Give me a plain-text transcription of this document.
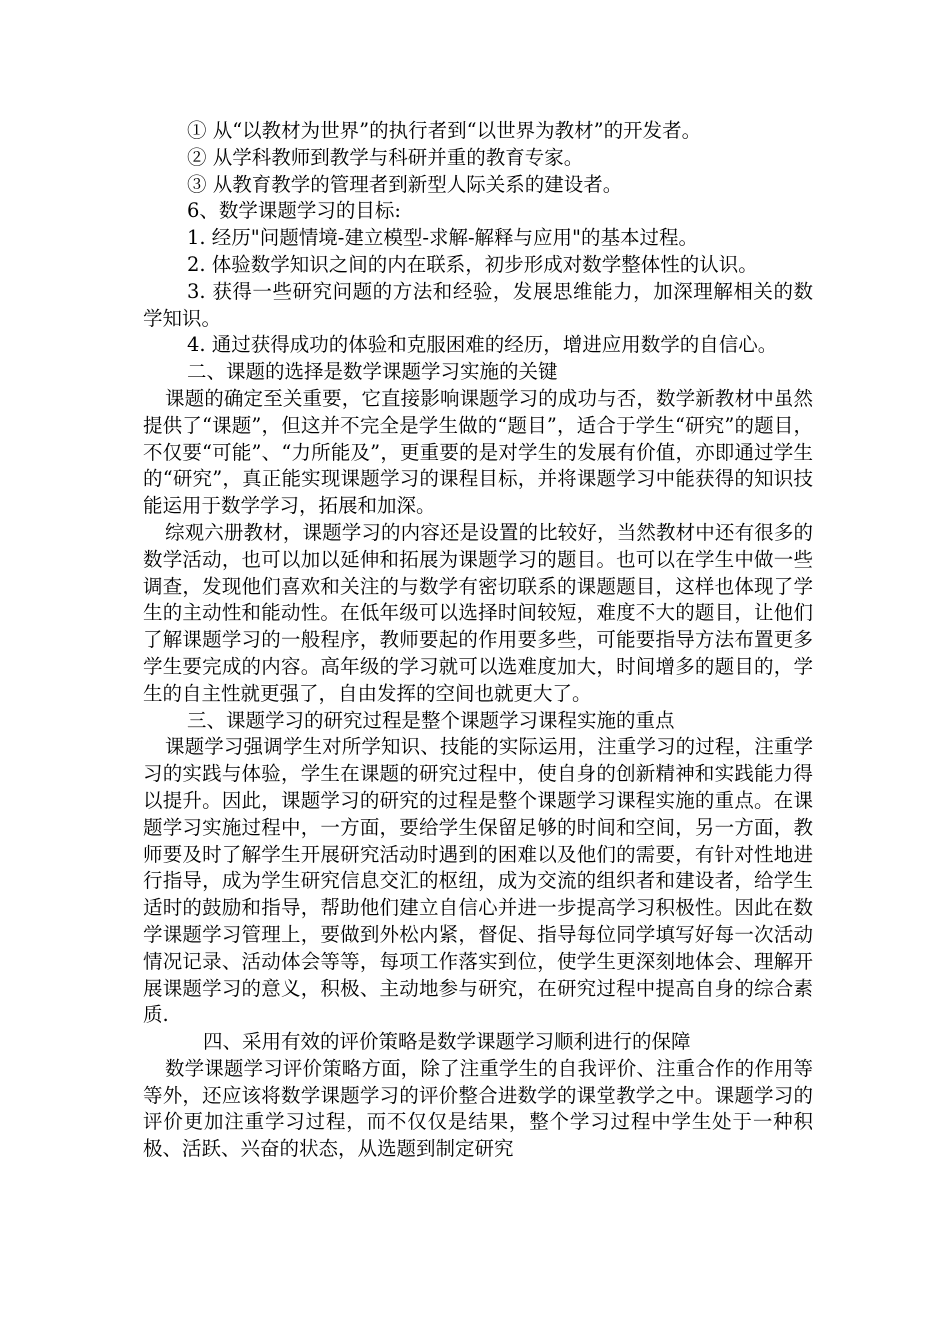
① 从“以教材为世界”的执行者到“以世界为教材”的开发者。

② 从学科教师到教学与科研并重的教育专家。

③ 从教育教学的管理者到新型人际关系的建设者。

6、数学课题学习的目标:

1. 经历"问题情境-建立模型-求解-解释与应用"的基本过程。

2. 体验数学知识之间的内在联系，初步形成对数学整体性的认识。

3. 获得一些研究问题的方法和经验，发展思维能力，加深理解相关的数学知识。

4. 通过获得成功的体验和克服困难的经历，增进应用数学的自信心。

二、课题的选择是数学课题学习实施的关键

课题的确定至关重要，它直接影响课题学习的成功与否，数学新教材中虽然提供了“课题”，但这并不完全是学生做的“题目”，适合于学生“研究”的题目，不仅要“可能”、“力所能及”，更重要的是对学生的发展有价值，亦即通过学生的“研究”，真正能实现课题学习的课程目标，并将课题学习中能获得的知识技能运用于数学学习，拓展和加深。

综观六册教材，课题学习的内容还是设置的比较好，当然教材中还有很多的数学活动，也可以加以延伸和拓展为课题学习的题目。也可以在学生中做一些调查，发现他们喜欢和关注的与数学有密切联系的课题题目，这样也体现了学生的主动性和能动性。在低年级可以选择时间较短，难度不大的题目，让他们了解课题学习的一般程序，教师要起的作用要多些，可能要指导方法布置更多学生要完成的内容。高年级的学习就可以选难度加大，时间增多的题目的，学生的自主性就更强了，自由发挥的空间也就更大了。

三、课题学习的研究过程是整个课题学习课程实施的重点

课题学习强调学生对所学知识、技能的实际运用，注重学习的过程，注重学习的实践与体验，学生在课题的研究过程中，使自身的创新精神和实践能力得以提升。因此，课题学习的研究的过程是整个课题学习课程实施的重点。在课题学习实施过程中，一方面，要给学生保留足够的时间和空间，另一方面，教师要及时了解学生开展研究活动时遇到的困难以及他们的需要，有针对性地进行指导，成为学生研究信息交汇的枢纽，成为交流的组织者和建设者，给学生适时的鼓励和指导，帮助他们建立自信心并进一步提高学习积极性。因此在数学课题学习管理上，要做到外松内紧，督促、指导每位同学填写好每一次活动情况记录、活动体会等等，每项工作落实到位，使学生更深刻地体会、理解开展课题学习的意义，积极、主动地参与研究，在研究过程中提高自身的综合素质.

四、采用有效的评价策略是数学课题学习顺利进行的保障

数学课题学习评价策略方面，除了注重学生的自我评价、注重合作的作用等等外，还应该将数学课题学习的评价整合进数学的课堂教学之中。课题学习的评价更加注重学习过程，而不仅仅是结果，整个学习过程中学生处于一种积极、活跃、兴奋的状态，从选题到制定研究
